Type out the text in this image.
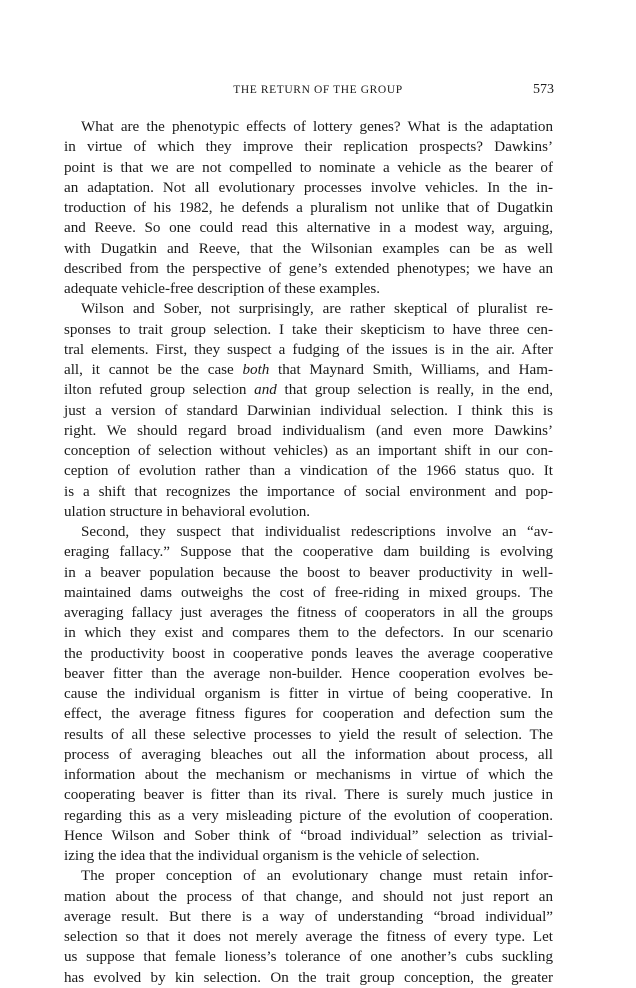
THE RETURN OF THE GROUP	573
What are the phenotypic effects of lottery genes? What is the adaptation
in virtue of which they improve their replication prospects? Dawkins’
point is that we are not compelled to nominate a vehicle as the bearer of
an adaptation. Not all evolutionary processes involve vehicles. In the in-
troduction of his 1982, he defends a pluralism not unlike that of Dugatkin
and Reeve. So one could read this alternative in a modest way, arguing,
with Dugatkin and Reeve, that the Wilsonian examples can be as well
described from the perspective of gene’s extended phenotypes; we have an
adequate vehicle-free description of these examples.
Wilson and Sober, not surprisingly, are rather skeptical of pluralist re-
sponses to trait group selection. I take their skepticism to have three cen-
tral elements. First, they suspect a fudging of the issues is in the air. After
all, it cannot be the case both that Maynard Smith, Williams, and Ham-
ilton refuted group selection and that group selection is really, in the end,
just a version of standard Darwinian individual selection. I think this is
right. We should regard broad individualism (and even more Dawkins’
conception of selection without vehicles) as an important shift in our con-
ception of evolution rather than a vindication of the 1966 status quo. It
is a shift that recognizes the importance of social environment and pop-
ulation structure in behavioral evolution.
Second, they suspect that individualist redescriptions involve an “av-
eraging fallacy.” Suppose that the cooperative dam building is evolving
in a beaver population because the boost to beaver productivity in well-
maintained dams outweighs the cost of free-riding in mixed groups. The
averaging fallacy just averages the fitness of cooperators in all the groups
in which they exist and compares them to the defectors. In our scenario
the productivity boost in cooperative ponds leaves the average cooperative
beaver fitter than the average non-builder. Hence cooperation evolves be-
cause the individual organism is fitter in virtue of being cooperative. In
effect, the average fitness figures for cooperation and defection sum the
results of all these selective processes to yield the result of selection. The
process of averaging bleaches out all the information about process, all
information about the mechanism or mechanisms in virtue of which the
cooperating beaver is fitter than its rival. There is surely much justice in
regarding this as a very misleading picture of the evolution of cooperation.
Hence Wilson and Sober think of “broad individual” selection as trivial-
izing the idea that the individual organism is the vehicle of selection.
The proper conception of an evolutionary change must retain infor-
mation about the process of that change, and should not just report an
average result. But there is a way of understanding “broad individual”
selection so that it does not merely average the fitness of every type. Let
us suppose that female lioness’s tolerance of one another’s cubs suckling
has evolved by kin selection. On the trait group conception, the greater
